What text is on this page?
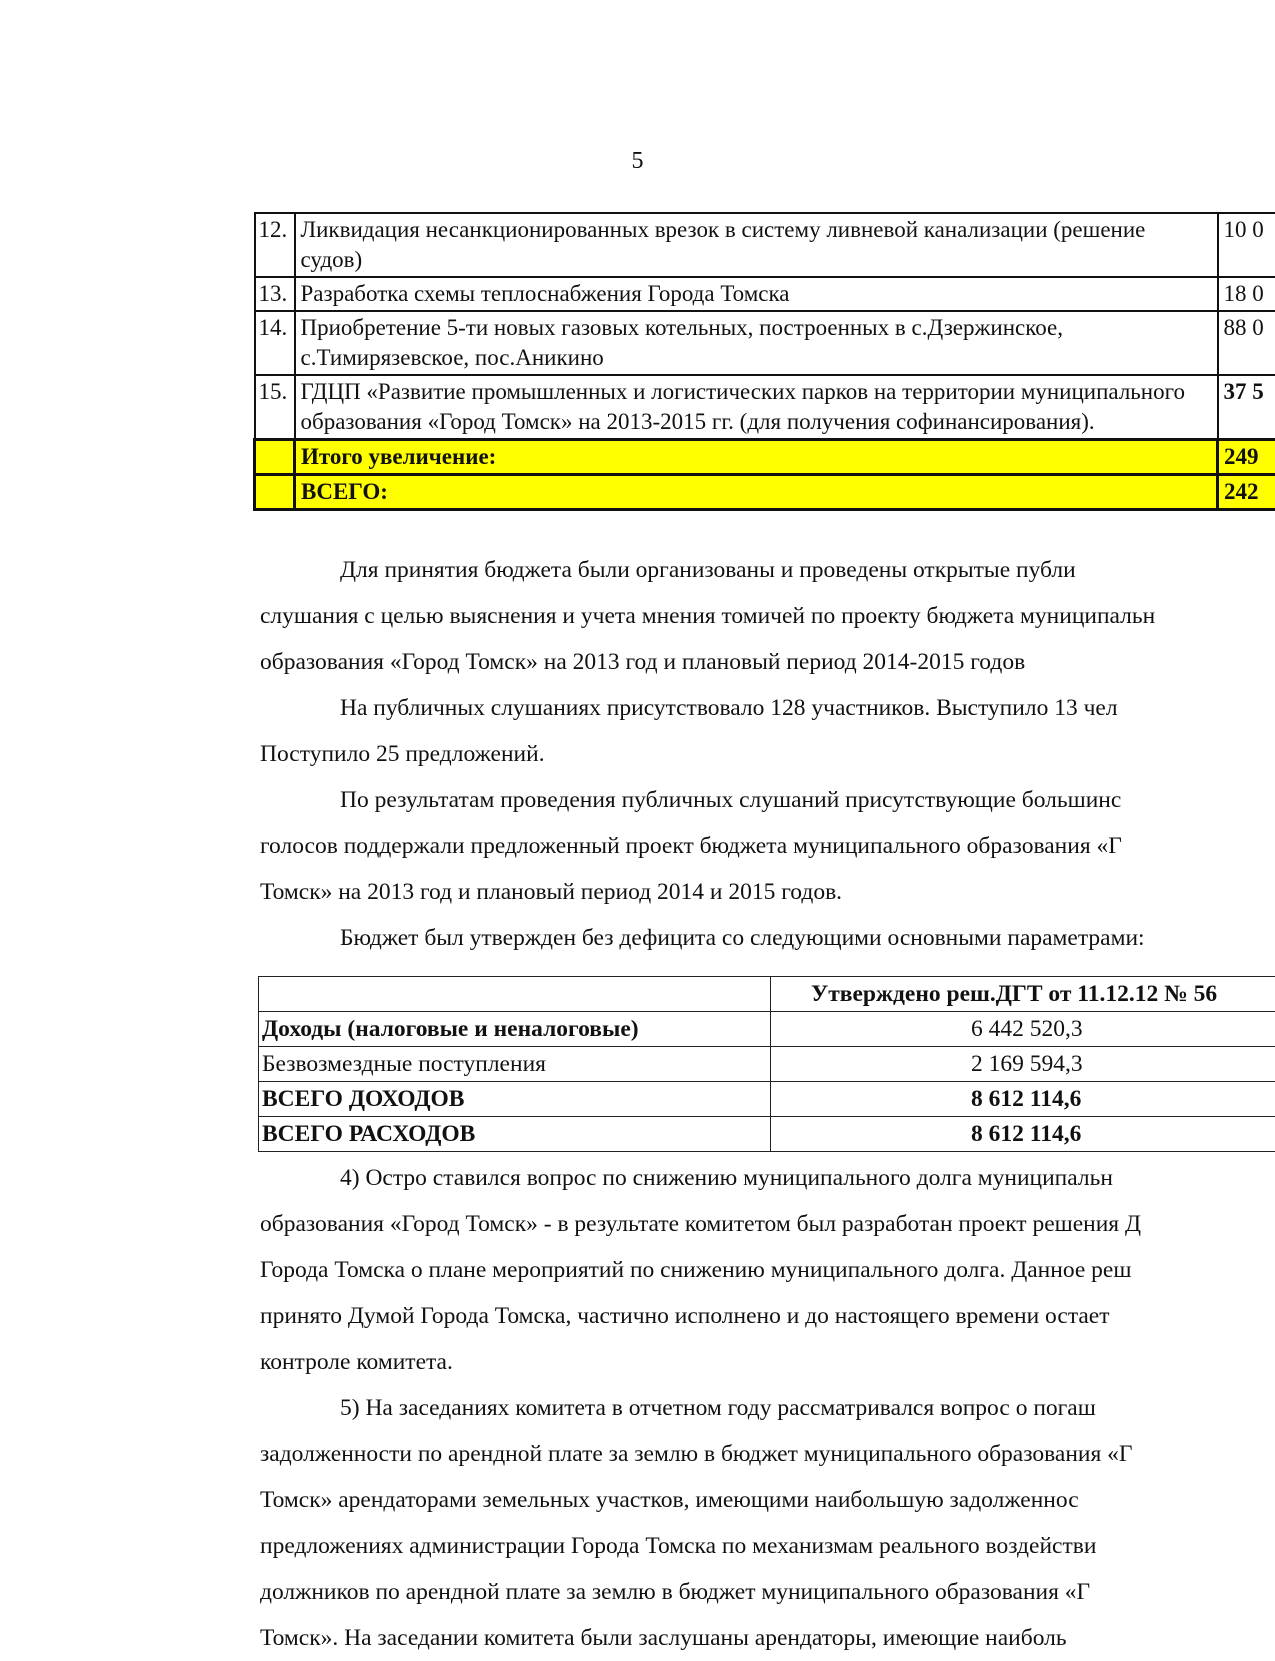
5
12.	Ликвидация несанкционированных врезок в систему ливневой канализации (решение судов)	10 0
13.	Разработка схемы теплоснабжения Города Томска	18 0
14.	Приобретение 5-ти новых газовых котельных, построенных в с.Дзержинское, с.Тимирязевское, пос.Аникино	88 0
15.	ГДЦП «Развитие промышленных и логистических парков на территории муниципального образования «Город Томск» на 2013-2015 гг. (для получения софинансирования).	37 5
	Итого увеличение:	249
	ВСЕГО:	242

Для принятия бюджета были организованы и проведены открытые публи
слушания с целью выяснения и учета мнения томичей по проекту бюджета муниципальн
образования «Город Томск» на 2013 год и плановый период 2014-2015 годов

На публичных слушаниях присутствовало 128 участников. Выступило 13 чел
Поступило 25 предложений.

По результатам проведения публичных слушаний присутствующие большинс
голосов поддержали предложенный проект бюджета муниципального образования «Г
Томск» на 2013 год и плановый период 2014 и 2015 годов.

Бюджет был утвержден без дефицита со следующими основными параметрами:

	Утверждено реш.ДГТ от 11.12.12 № 56
Доходы (налоговые и неналоговые)	6 442 520,3
Безвозмездные поступления	2 169 594,3
ВСЕГО ДОХОДОВ	8 612 114,6
ВСЕГО РАСХОДОВ	8 612 114,6

4) Остро ставился вопрос по снижению муниципального долга муниципальн
образования «Город Томск» - в результате комитетом был разработан проект решения Д
Города Томска о плане мероприятий по снижению муниципального долга. Данное реш
принято Думой Города Томска, частично исполнено и до настоящего времени остает
контроле комитета.

5) На заседаниях комитета в отчетном году рассматривался вопрос о погаш
задолженности по арендной плате за землю в бюджет муниципального образования «Г
Томск» арендаторами земельных участков, имеющими наибольшую задолженнос
предложениях администрации Города Томска по механизмам реального воздействи
должников по арендной плате за землю в бюджет муниципального образования «Г
Томск». На заседании комитета были заслушаны арендаторы, имеющие наиболь
